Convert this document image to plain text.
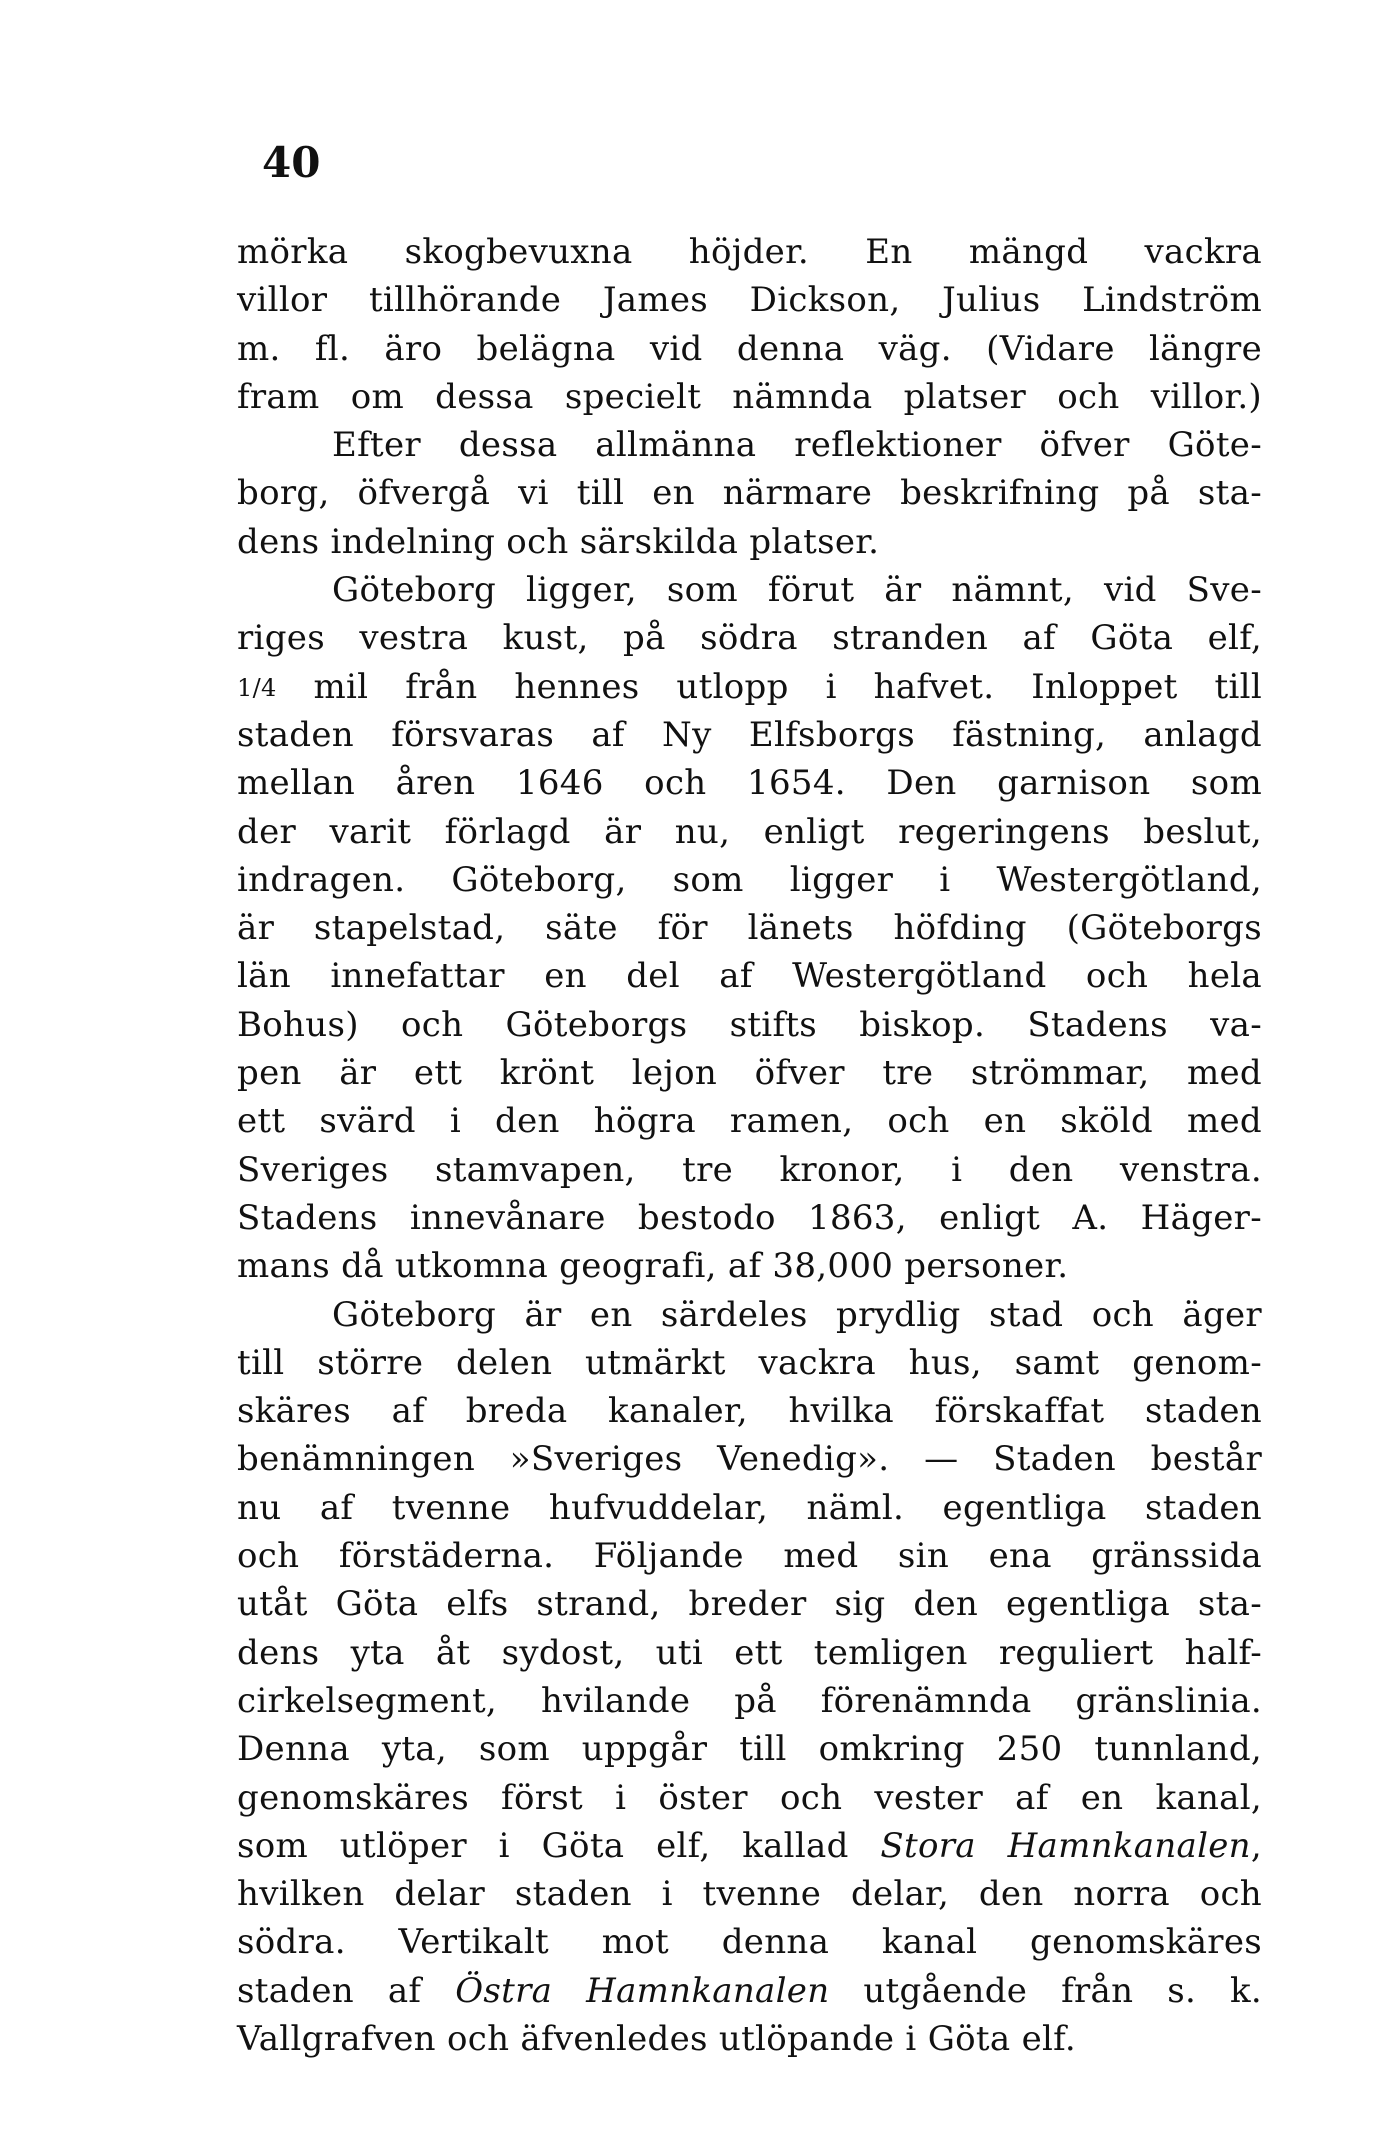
40
mörka skogbevuxna höjder. En mängd vackra
villor tillhörande James Dickson, Julius Lindström
m. fl. äro belägna vid denna väg. (Vidare längre
fram om dessa specielt nämnda platser och villor.)
Efter dessa allmänna reflektioner öfver Göte-
borg, öfvergå vi till en närmare beskrifning på sta-
dens indelning och särskilda platser.
Göteborg ligger, som förut är nämnt, vid Sve-
riges vestra kust, på södra stranden af Göta elf,
1/4 mil från hennes utlopp i hafvet. Inloppet till
staden försvaras af Ny Elfsborgs fästning, anlagd
mellan åren 1646 och 1654. Den garnison som
der varit förlagd är nu, enligt regeringens beslut,
indragen. Göteborg, som ligger i Westergötland,
är stapelstad, säte för länets höfding (Göteborgs
län innefattar en del af Westergötland och hela
Bohus) och Göteborgs stifts biskop. Stadens va-
pen är ett krönt lejon öfver tre strömmar, med
ett svärd i den högra ramen, och en sköld med
Sveriges stamvapen, tre kronor, i den venstra.
Stadens innevånare bestodo 1863, enligt A. Häger-
mans då utkomna geografi, af 38,000 personer.
Göteborg är en särdeles prydlig stad och äger
till större delen utmärkt vackra hus, samt genom-
skäres af breda kanaler, hvilka förskaffat staden
benämningen »Sveriges Venedig». — Staden består
nu af tvenne hufvuddelar, näml. egentliga staden
och förstäderna. Följande med sin ena gränssida
utåt Göta elfs strand, breder sig den egentliga sta-
dens yta åt sydost, uti ett temligen reguliert half-
cirkelsegment, hvilande på förenämnda gränslinia.
Denna yta, som uppgår till omkring 250 tunnland,
genomskäres först i öster och vester af en kanal,
som utlöper i Göta elf, kallad Stora Hamnkanalen,
hvilken delar staden i tvenne delar, den norra och
södra. Vertikalt mot denna kanal genomskäres
staden af Östra Hamnkanalen utgående från s. k.
Vallgrafven och äfvenledes utlöpande i Göta elf.
